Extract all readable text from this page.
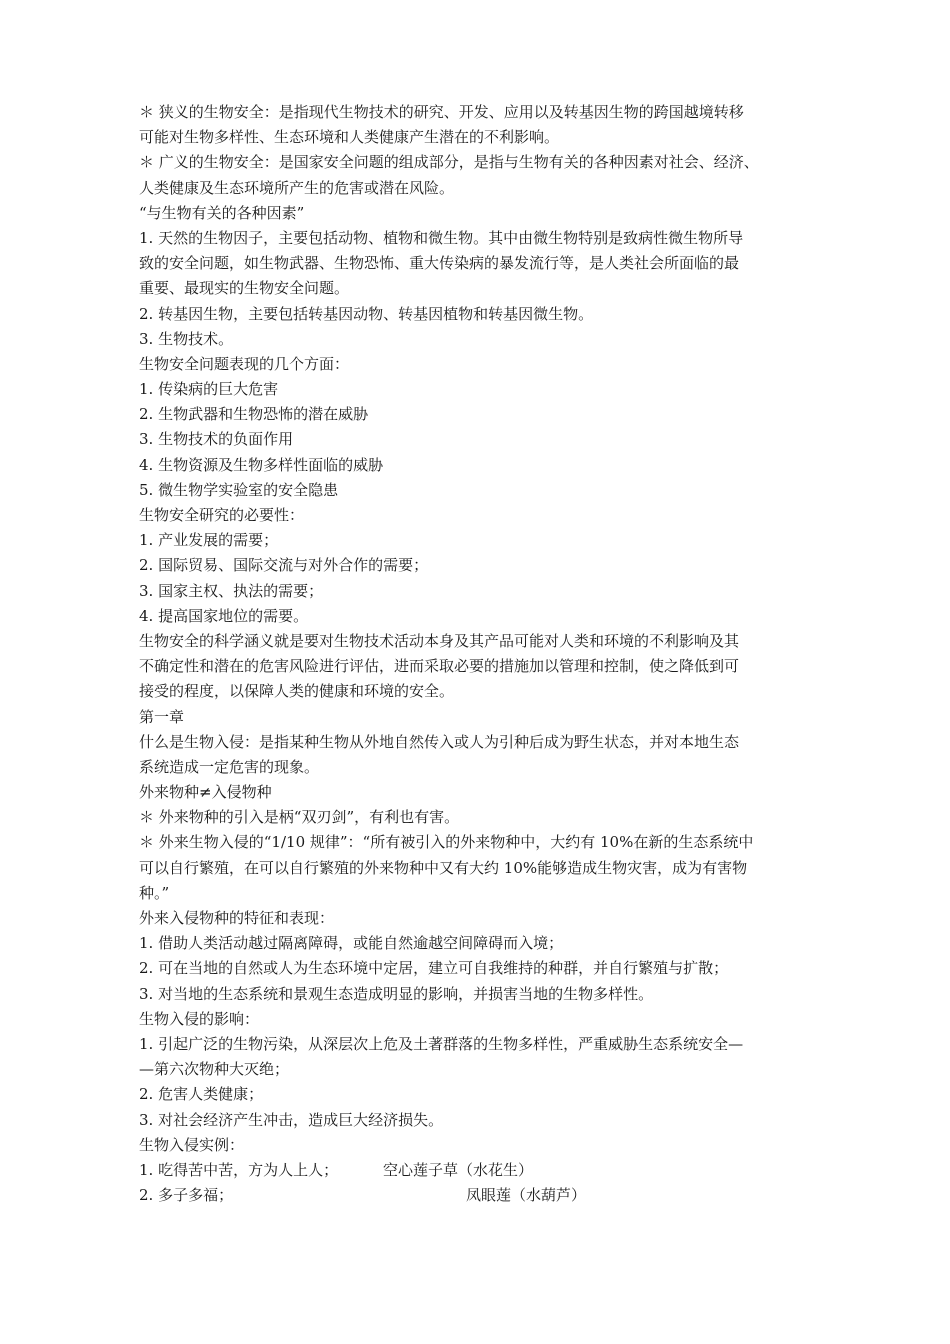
＊ 狭义的生物安全：是指现代生物技术的研究、开发、应用以及转基因生物的跨国越境转移
可能对生物多样性、生态环境和人类健康产生潜在的不利影响。
＊ 广义的生物安全：是国家安全问题的组成部分，是指与生物有关的各种因素对社会、经济、
人类健康及生态环境所产生的危害或潜在风险。
“与生物有关的各种因素”
1. 天然的生物因子，主要包括动物、植物和微生物。其中由微生物特别是致病性微生物所导
致的安全问题，如生物武器、生物恐怖、重大传染病的暴发流行等，是人类社会所面临的最
重要、最现实的生物安全问题。
2. 转基因生物，主要包括转基因动物、转基因植物和转基因微生物。
3. 生物技术。
生物安全问题表现的几个方面：
1. 传染病的巨大危害
2. 生物武器和生物恐怖的潜在威胁
3. 生物技术的负面作用
4. 生物资源及生物多样性面临的威胁
5. 微生物学实验室的安全隐患
生物安全研究的必要性：
1. 产业发展的需要；
2. 国际贸易、国际交流与对外合作的需要；
3. 国家主权、执法的需要；
4. 提高国家地位的需要。
生物安全的科学涵义就是要对生物技术活动本身及其产品可能对人类和环境的不利影响及其
不确定性和潜在的危害风险进行评估，进而采取必要的措施加以管理和控制，使之降低到可
接受的程度，以保障人类的健康和环境的安全。
第一章
什么是生物入侵：是指某种生物从外地自然传入或人为引种后成为野生状态，并对本地生态
系统造成一定危害的现象。
外来物种≠入侵物种
＊ 外来物种的引入是柄“双刃剑”，有利也有害。
＊ 外来生物入侵的“1/10 规律”：“所有被引入的外来物种中，大约有 10%在新的生态系统中
可以自行繁殖，在可以自行繁殖的外来物种中又有大约 10%能够造成生物灾害，成为有害物
种。”
外来入侵物种的特征和表现：
1. 借助人类活动越过隔离障碍，或能自然逾越空间障碍而入境；
2. 可在当地的自然或人为生态环境中定居，建立可自我维持的种群，并自行繁殖与扩散；
3. 对当地的生态系统和景观生态造成明显的影响，并损害当地的生物多样性。
生物入侵的影响：
1. 引起广泛的生物污染，从深层次上危及土著群落的生物多样性，严重威胁生态系统安全—
—第六次物种大灭绝；
2. 危害人类健康；
3. 对社会经济产生冲击，造成巨大经济损失。
生物入侵实例：
1. 吃得苦中苦，方为人上人；	空心莲子草（水花生）
2. 多子多福；	凤眼莲（水葫芦）
